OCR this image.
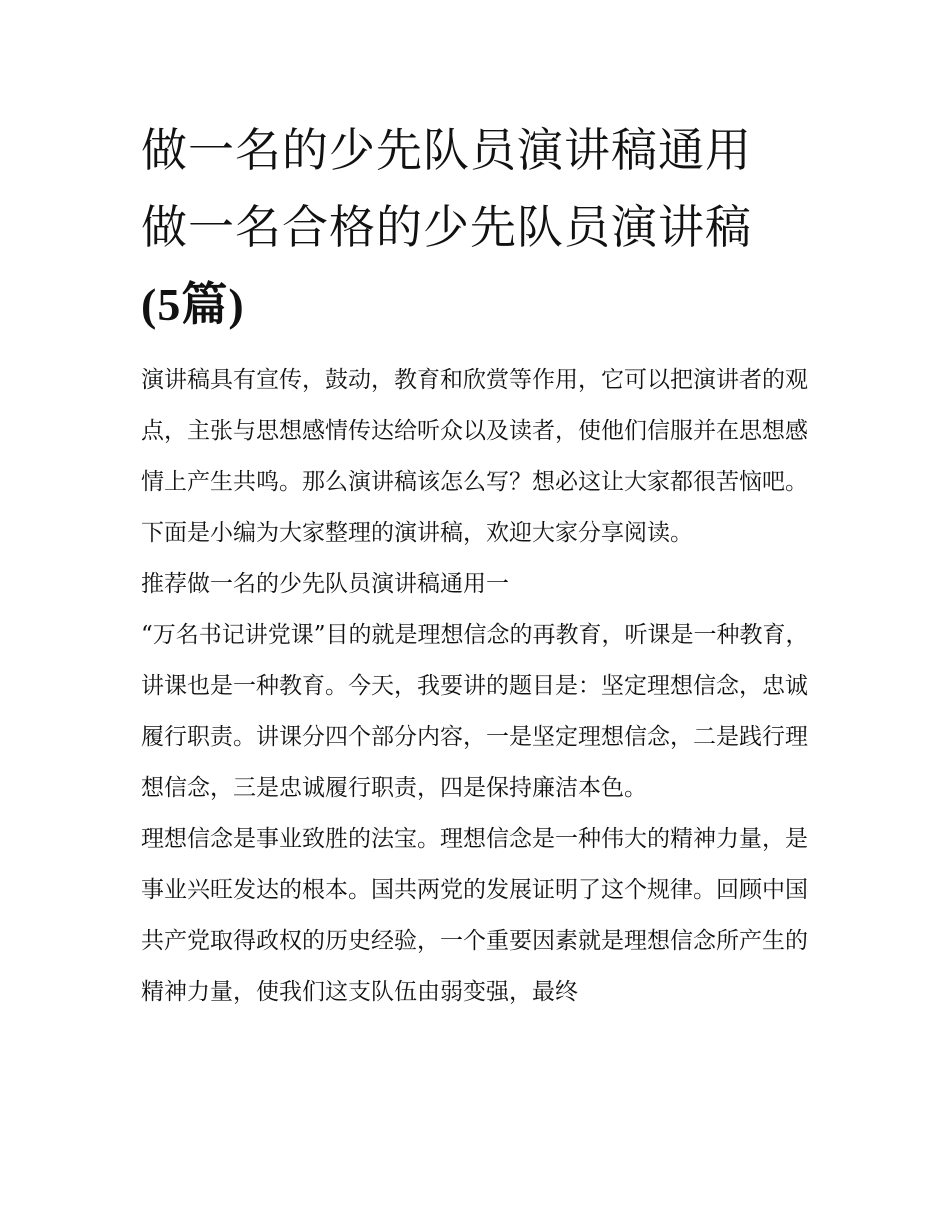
做一名的少先队员演讲稿通用
做一名合格的少先队员演讲稿
(5篇)

演讲稿具有宣传，鼓动，教育和欣赏等作用，它可以把演讲者的观点，主张与思想感情传达给听众以及读者，使他们信服并在思想感情上产生共鸣。那么演讲稿该怎么写？想必这让大家都很苦恼吧。下面是小编为大家整理的演讲稿，欢迎大家分享阅读。

推荐做一名的少先队员演讲稿通用一

“万名书记讲党课”目的就是理想信念的再教育，听课是一种教育，讲课也是一种教育。今天，我要讲的题目是：坚定理想信念，忠诚履行职责。讲课分四个部分内容，一是坚定理想信念，二是践行理想信念，三是忠诚履行职责，四是保持廉洁本色。

理想信念是事业致胜的法宝。理想信念是一种伟大的精神力量，是事业兴旺发达的根本。国共两党的发展证明了这个规律。回顾中国共产党取得政权的历史经验，一个重要因素就是理想信念所产生的精神力量，使我们这支队伍由弱变强，最终
